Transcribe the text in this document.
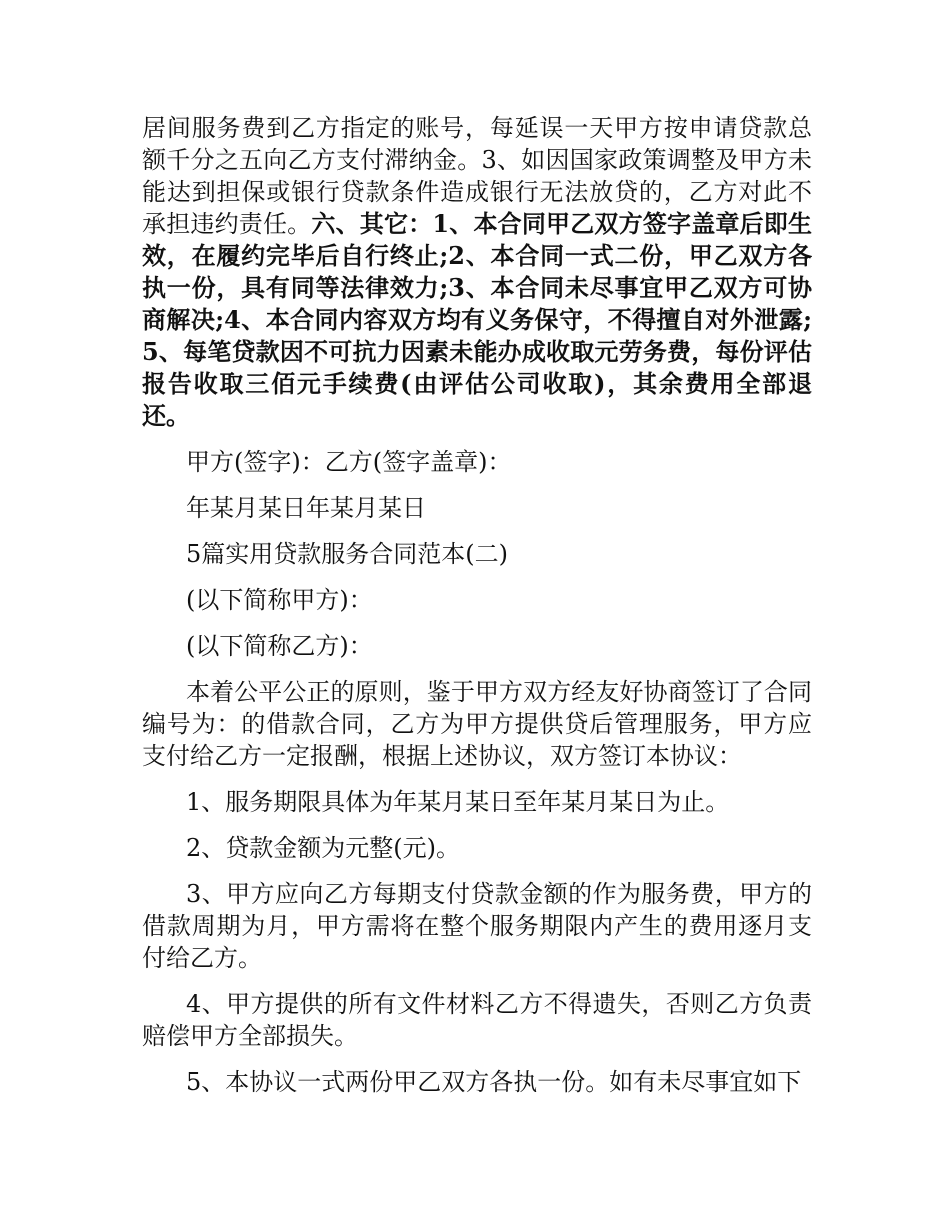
居间服务费到乙方指定的账号，每延误一天甲方按申请贷款总额千分之五向乙方支付滞纳金。3、如因国家政策调整及甲方未能达到担保或银行贷款条件造成银行无法放贷的，乙方对此不承担违约责任。六、其它：1、本合同甲乙双方签字盖章后即生效，在履约完毕后自行终止;2、本合同一式二份，甲乙双方各执一份，具有同等法律效力;3、本合同未尽事宜甲乙双方可协商解决;4、本合同内容双方均有义务保守，不得擅自对外泄露;5、每笔贷款因不可抗力因素未能办成收取元劳务费，每份评估报告收取三佰元手续费(由评估公司收取)，其余费用全部退还。

甲方(签字)：乙方(签字盖章)：

年某月某日年某月某日

5篇实用贷款服务合同范本(二)

(以下简称甲方)：

(以下简称乙方)：

本着公平公正的原则，鉴于甲方双方经友好协商签订了合同编号为：的借款合同，乙方为甲方提供贷后管理服务，甲方应支付给乙方一定报酬，根据上述协议，双方签订本协议：

1、服务期限具体为年某月某日至年某月某日为止。

2、贷款金额为元整(元)。

3、甲方应向乙方每期支付贷款金额的作为服务费，甲方的借款周期为月，甲方需将在整个服务期限内产生的费用逐月支付给乙方。

4、甲方提供的所有文件材料乙方不得遗失，否则乙方负责赔偿甲方全部损失。

5、本协议一式两份甲乙双方各执一份。如有未尽事宜如下
